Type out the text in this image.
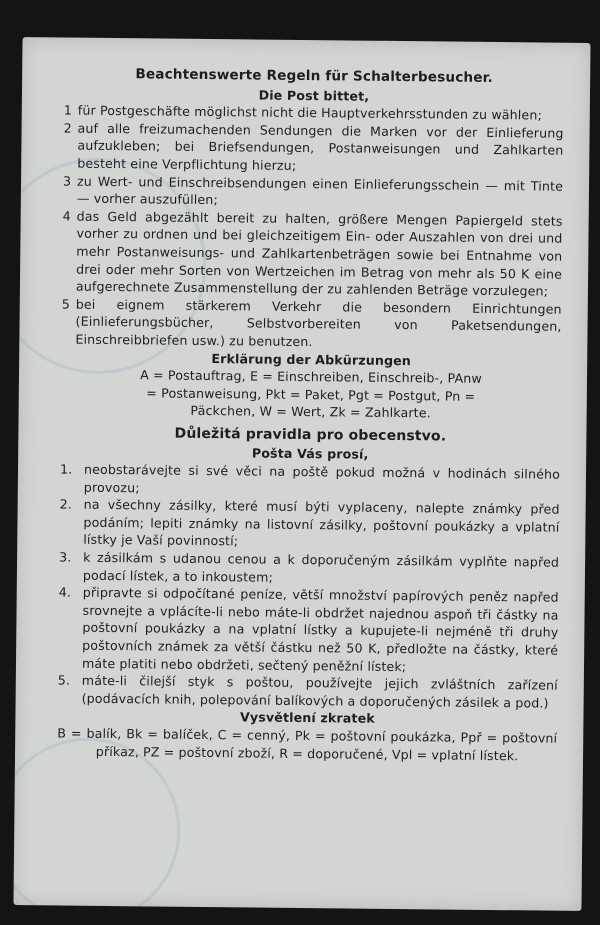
Beachtenswerte Regeln für Schalterbesucher.
Die Post bittet,
1 für Postgeschäfte möglichst nicht die Hauptverkehrsstunden zu wählen;
2 auf alle freizumachenden Sendungen die Marken vor der Einlieferung aufzukleben; bei Briefsendungen, Postanweisungen und Zahlkarten besteht eine Verpflichtung hierzu;
3 zu Wert- und Einschreibsendungen einen Einlieferungsschein — mit Tinte — vorher auszufüllen;
4 das Geld abgezählt bereit zu halten, größere Mengen Papiergeld stets vorher zu ordnen und bei gleichzeitigem Ein- oder Auszahlen von drei und mehr Postanweisungs- und Zahlkartenbeträgen sowie bei Entnahme von drei oder mehr Sorten von Wertzeichen im Betrag von mehr als 50 K eine aufgerechnete Zusammenstellung der zu zahlenden Beträge vorzulegen;
5 bei eignem stärkerem Verkehr die besondern Einrichtungen (Einlieferungsbücher, Selbstvorbereiten von Paketsendungen, Einschreibbriefen usw.) zu benutzen.
Erklärung der Abkürzungen
A = Postauftrag, E = Einschreiben, Einschreib-, PAnw
= Postanweisung, Pkt = Paket, Pgt = Postgut, Pn =
Päckchen, W = Wert, Zk = Zahlkarte.
Důležitá pravidla pro obecenstvo.
Pošta Vás prosí,
1. neobstarávejte si své věci na poště pokud možná v hodinách silného provozu;
2. na všechny zásilky, které musí býti vyplaceny, nalepte známky před podáním; lepiti známky na listovní zásilky, poštovní poukázky a vplatní lístky je Vaší povinností;
3. k zásilkám s udanou cenou a k doporučeným zásilkám vyplňte napřed podací lístek, a to inkoustem;
4. připravte si odpočítané peníze, větší množství papírových peněz napřed srovnejte a vplácíte-li nebo máte-li obdržet najednou aspoň tři částky na poštovní poukázky a na vplatní lístky a kupujete-li nejméně tři druhy poštovních známek za větší částku než 50 K, předložte na částky, které máte platiti nebo obdržeti, sečtený peněžní lístek;
5. máte-li čilejší styk s poštou, používejte jejich zvláštních zařízení (podávacích knih, polepování balíkových a doporučených zásilek a pod.)
Vysvětlení zkratek
B = balík, Bk = balíček, C = cenný, Pk = poštovní poukázka, Ppř = poštovní příkaz, PZ = poštovní zboží, R = doporučené, Vpl = vplatní lístek.
